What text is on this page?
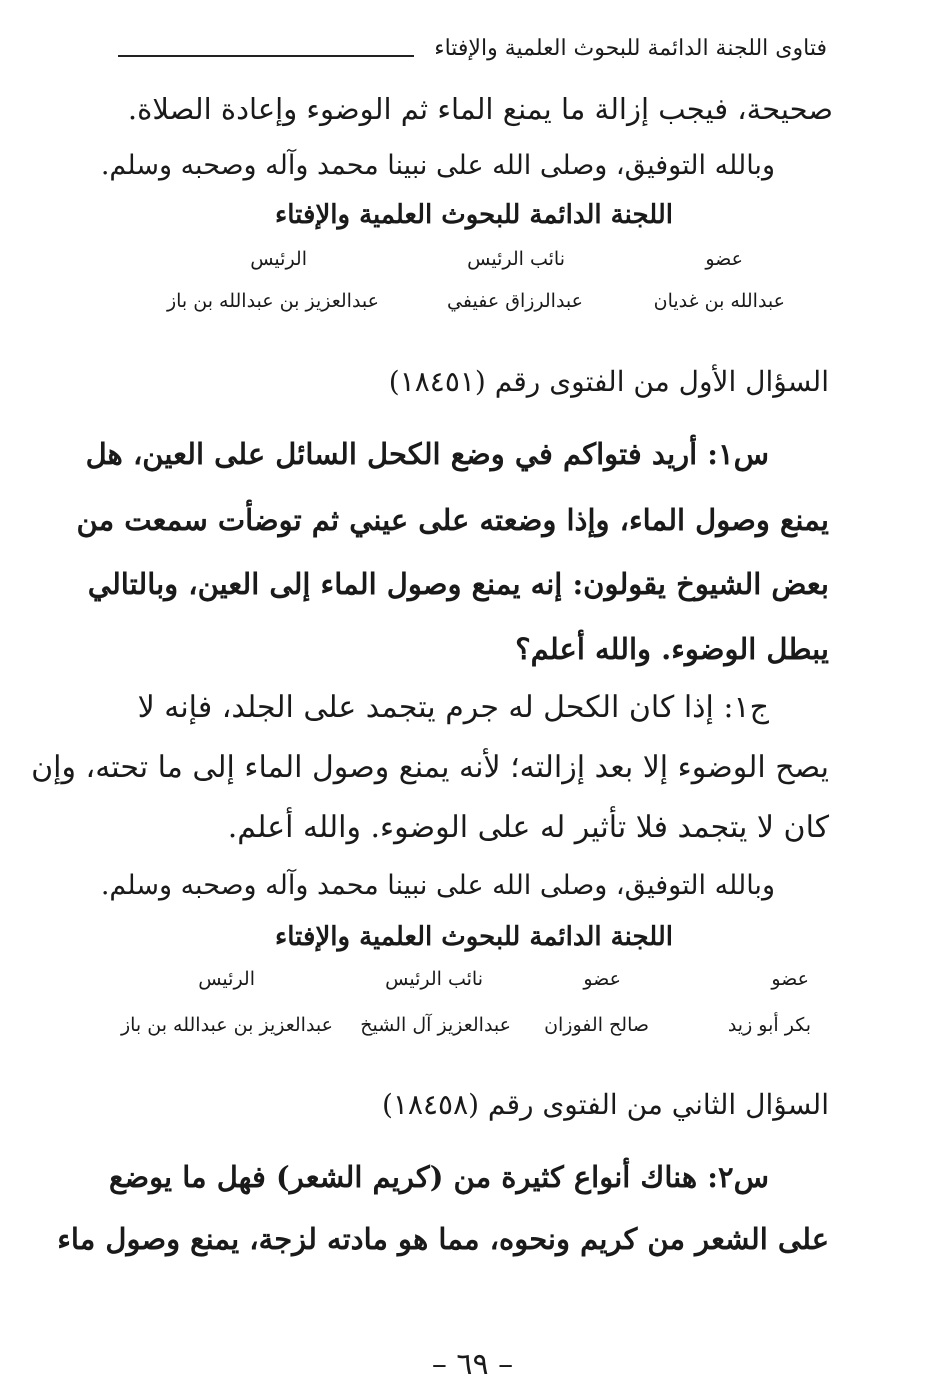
فتاوى اللجنة الدائمة للبحوث العلمية والإفتاء
صحيحة، فيجب إزالة ما يمنع الماء ثم الوضوء وإعادة الصلاة.
وبالله التوفيق، وصلى الله على نبينا محمد وآله وصحبه وسلم.
اللجنة الدائمة للبحوث العلمية والإفتاء
عضو
نائب الرئيس
الرئيس
عبدالله بن غديان
عبدالرزاق عفيفي
عبدالعزيز بن عبدالله بن باز
السؤال الأول من الفتوى رقم (١٨٤٥١)
س١: أريد فتواكم في وضع الكحل السائل على العين، هل
يمنع وصول الماء، وإذا وضعته على عيني ثم توضأت سمعت من
بعض الشيوخ يقولون: إنه يمنع وصول الماء إلى العين، وبالتالي
يبطل الوضوء. والله أعلم؟
ج١: إذا كان الكحل له جرم يتجمد على الجلد، فإنه لا
يصح الوضوء إلا بعد إزالته؛ لأنه يمنع وصول الماء إلى ما تحته، وإن
كان لا يتجمد فلا تأثير له على الوضوء. والله أعلم.
وبالله التوفيق، وصلى الله على نبينا محمد وآله وصحبه وسلم.
اللجنة الدائمة للبحوث العلمية والإفتاء
عضو
عضو
نائب الرئيس
الرئيس
بكر أبو زيد
صالح الفوزان
عبدالعزيز آل الشيخ
عبدالعزيز بن عبدالله بن باز
السؤال الثاني من الفتوى رقم (١٨٤٥٨)
س٢: هناك أنواع كثيرة من (كريم الشعر) فهل ما يوضع
على الشعر من كريم ونحوه، مما هو مادته لزجة، يمنع وصول ماء
– ٦٩ –
